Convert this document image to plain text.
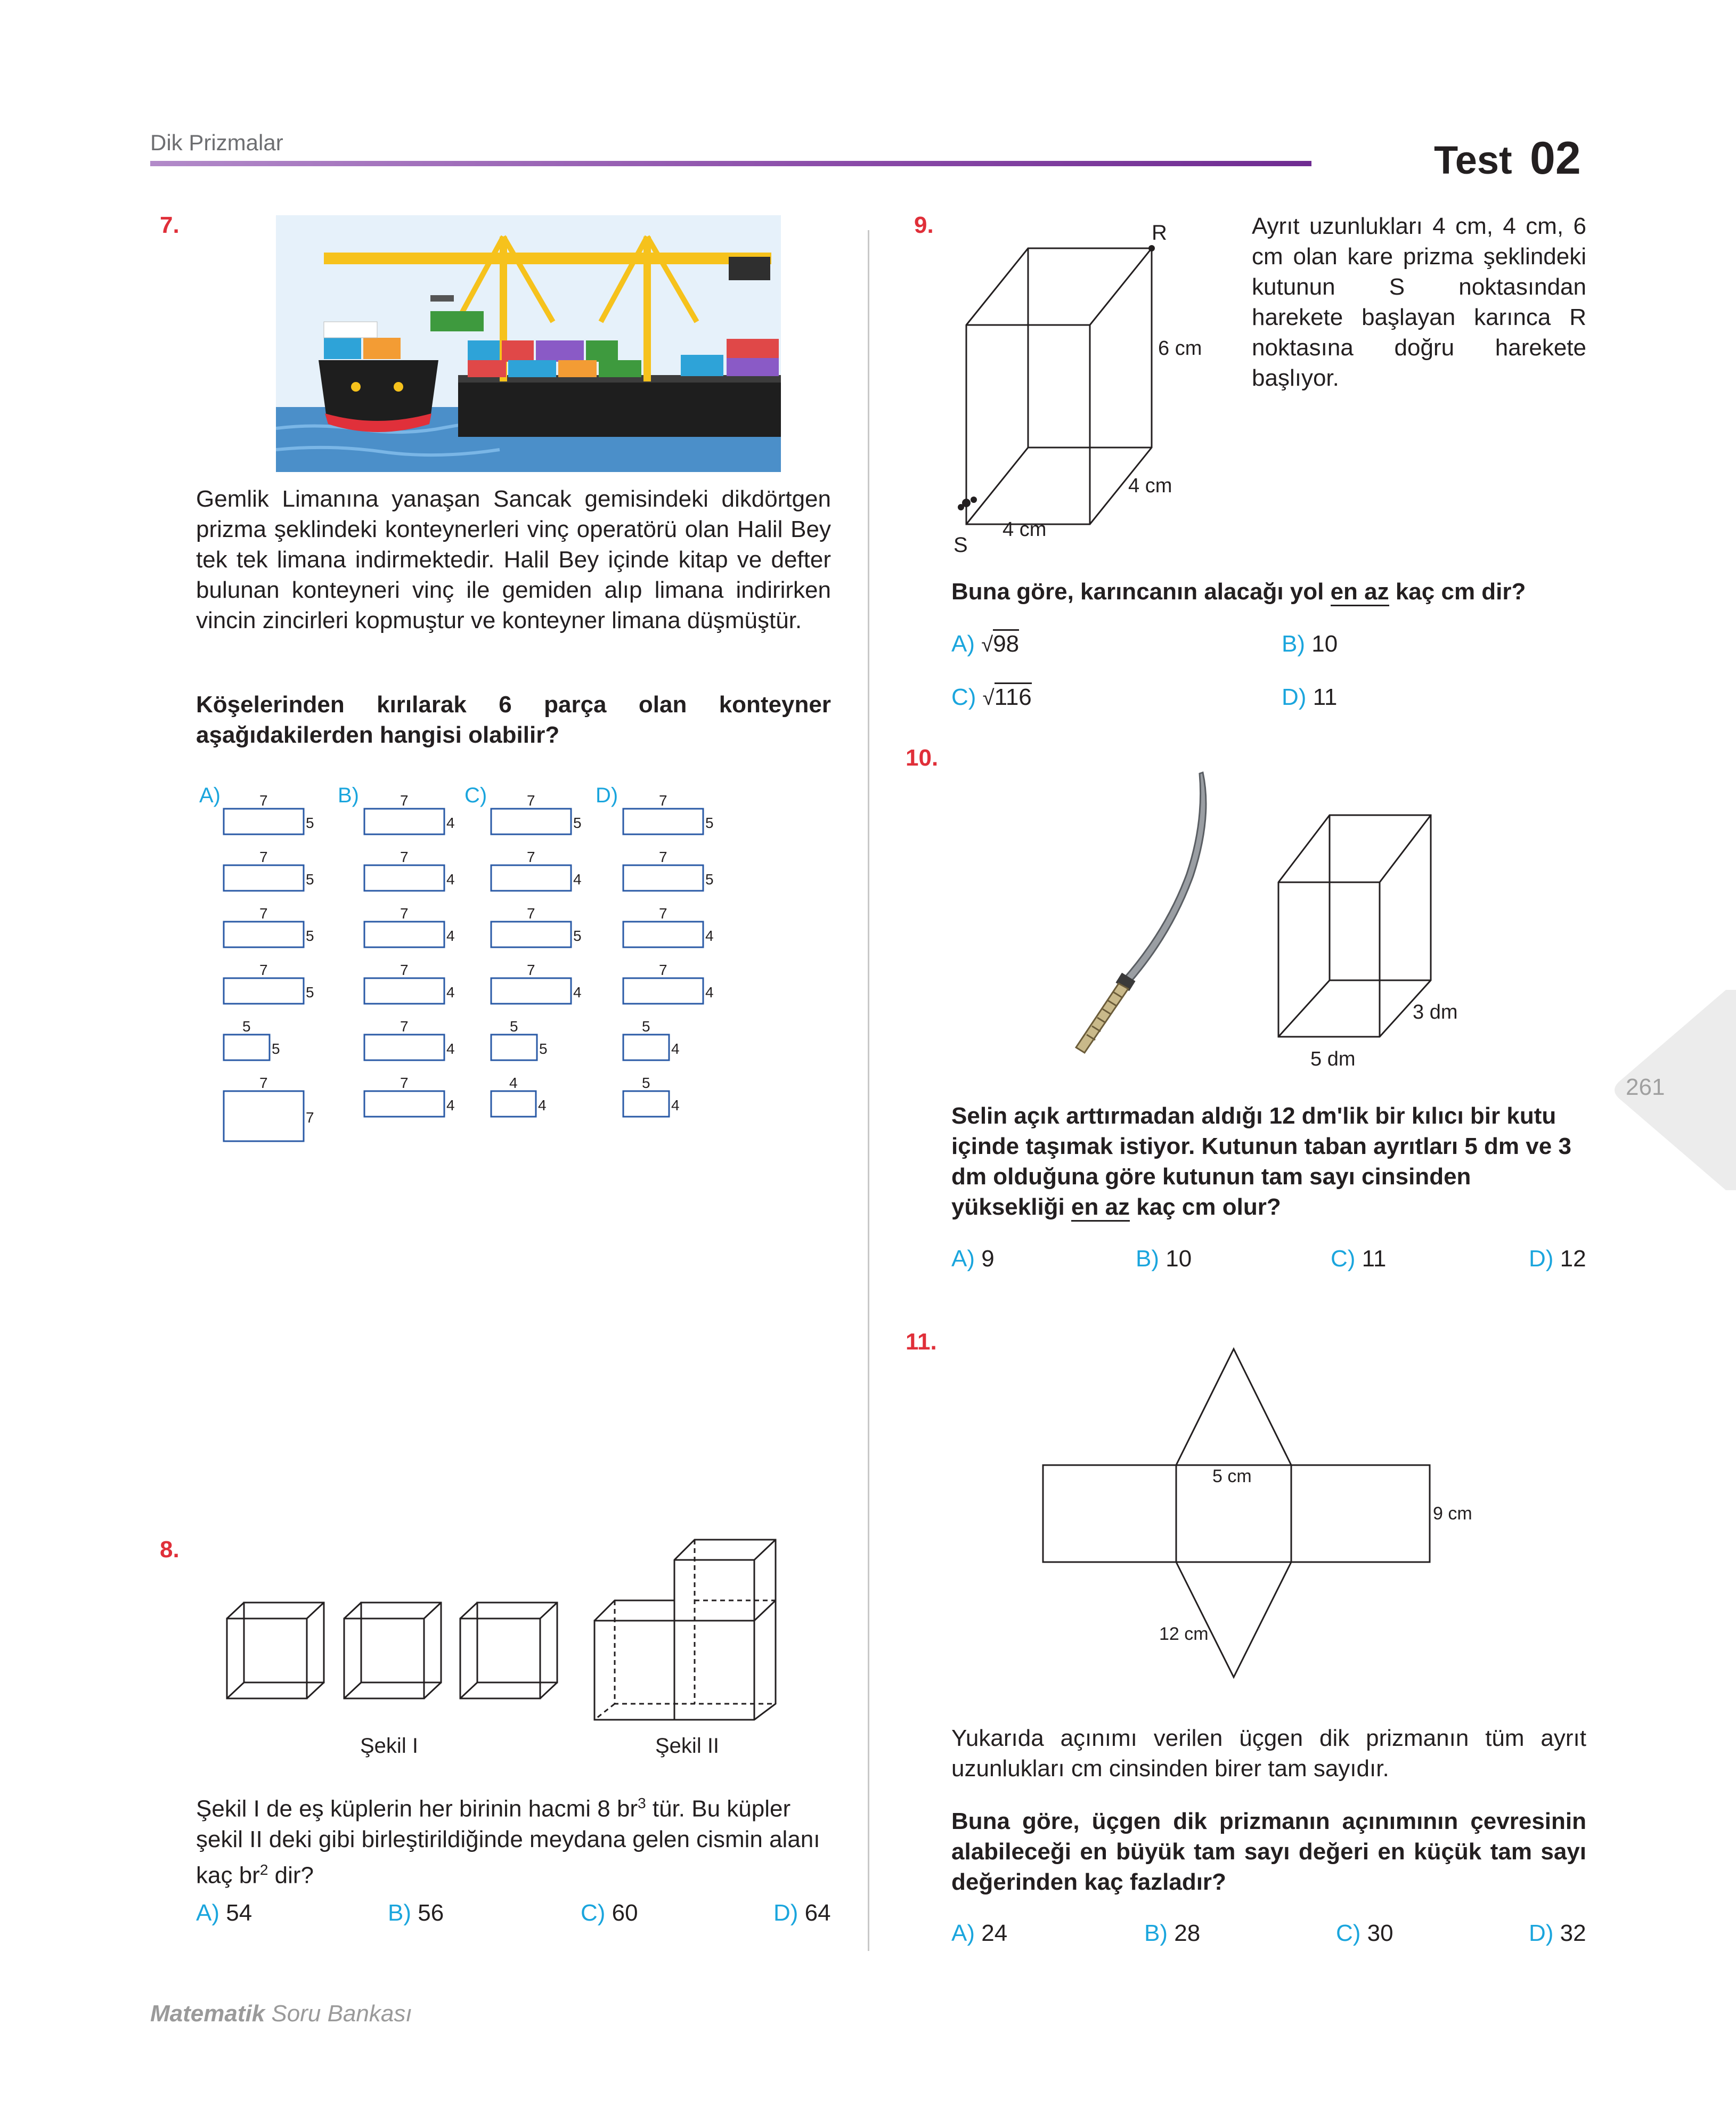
Dik Prizmalar	Test 02
7.
Gemlik Limanına yanaşan Sancak gemisindeki dikdörtgen prizma şeklindeki konteynerleri vinç operatörü olan Halil Bey tek tek limana indirmektedir. Halil Bey içinde kitap ve defter bulunan konteyneri vinç ile gemiden alıp limana indirirken vincin zincirleri kopmuştur ve konteyner limana düşmüştür.
Köşelerinden kırılarak 6 parça olan konteyner aşağıdakilerden hangisi olabilir?
A)	7
5
7
5
7
5
7
5
5
5
7
7
B)	7
4
7
4
7
4
7
4
7
4
7
4
C)	7
5
7
4
7
5
7
4
5
5
4
4
D)	7
5
7
5
7
4
7
4
5
4
5
4
8.
Şekil I	Şekil II
Şekil I de eş küplerin her birinin hacmi 8 $br^3$ tür. Bu küpler şekil II deki gibi birleştirildiğinde meydana gelen cismin alanı kaç $br^2$ dir?
A) 54	B) 56	C) 60	D) 64
9.	R
S
6 cm
4 cm
4 cm
Ayrıt uzunlukları 4 cm, 4 cm, 6 cm olan kare prizma şeklindeki kutunun S noktasından harekete başlayan karınca R noktasına doğru harekete başlıyor.
Buna göre, karıncanın alacağı yol en az kaç cm dir?
A) √98	B) 10
C) √116	D) 11
10.
3 dm
5 dm
Selin açık arttırmadan aldığı 12 dm'lik bir kılıcı bir kutu içinde taşımak istiyor. Kutunun taban ayrıtları 5 dm ve 3 dm olduğuna göre kutunun tam sayı cinsinden yüksekliği en az kaç cm olur?
A) 9	B) 10	C) 11	D) 12
11.
5 cm
9 cm
12 cm
Yukarıda açınımı verilen üçgen dik prizmanın tüm ayrıt uzunlukları cm cinsinden birer tam sayıdır.
Buna göre, üçgen dik prizmanın açınımının çevresinin alabileceği en büyük tam sayı değeri en küçük tam sayı değerinden kaç fazladır?
A) 24	B) 28	C) 30	D) 32
261
Matematik Soru Bankası
